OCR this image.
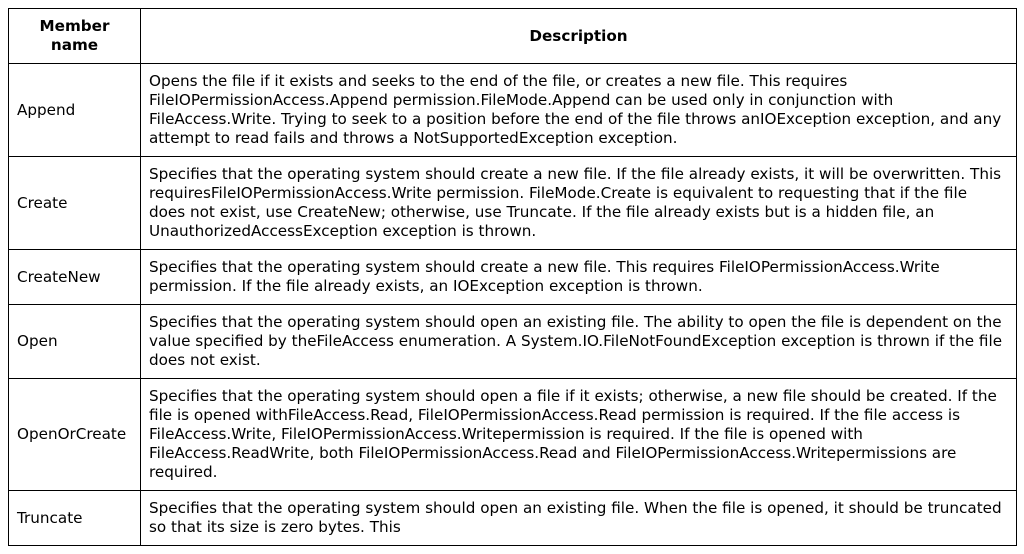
Member name	Description
Append	Opens the file if it exists and seeks to the end of the file, or creates a new file. This requires FileIOPermissionAccess.Append permission.FileMode.Append can be used only in conjunction with FileAccess.Write. Trying to seek to a position before the end of the file throws anIOException exception, and any attempt to read fails and throws a NotSupportedException exception.
Create	Specifies that the operating system should create a new file. If the file already exists, it will be overwritten. This requiresFileIOPermissionAccess.Write permission. FileMode.Create is equivalent to requesting that if the file does not exist, use CreateNew; otherwise, use Truncate. If the file already exists but is a hidden file, an UnauthorizedAccessException exception is thrown.
CreateNew	Specifies that the operating system should create a new file. This requires FileIOPermissionAccess.Write permission. If the file already exists, an IOException exception is thrown.
Open	Specifies that the operating system should open an existing file. The ability to open the file is dependent on the value specified by theFileAccess enumeration. A System.IO.FileNotFoundException exception is thrown if the file does not exist.
OpenOrCreate	Specifies that the operating system should open a file if it exists; otherwise, a new file should be created. If the file is opened withFileAccess.Read, FileIOPermissionAccess.Read permission is required. If the file access is FileAccess.Write, FileIOPermissionAccess.Writepermission is required. If the file is opened with FileAccess.ReadWrite, both FileIOPermissionAccess.Read and FileIOPermissionAccess.Writepermissions are required.
Truncate	Specifies that the operating system should open an existing file. When the file is opened, it should be truncated so that its size is zero bytes. This
